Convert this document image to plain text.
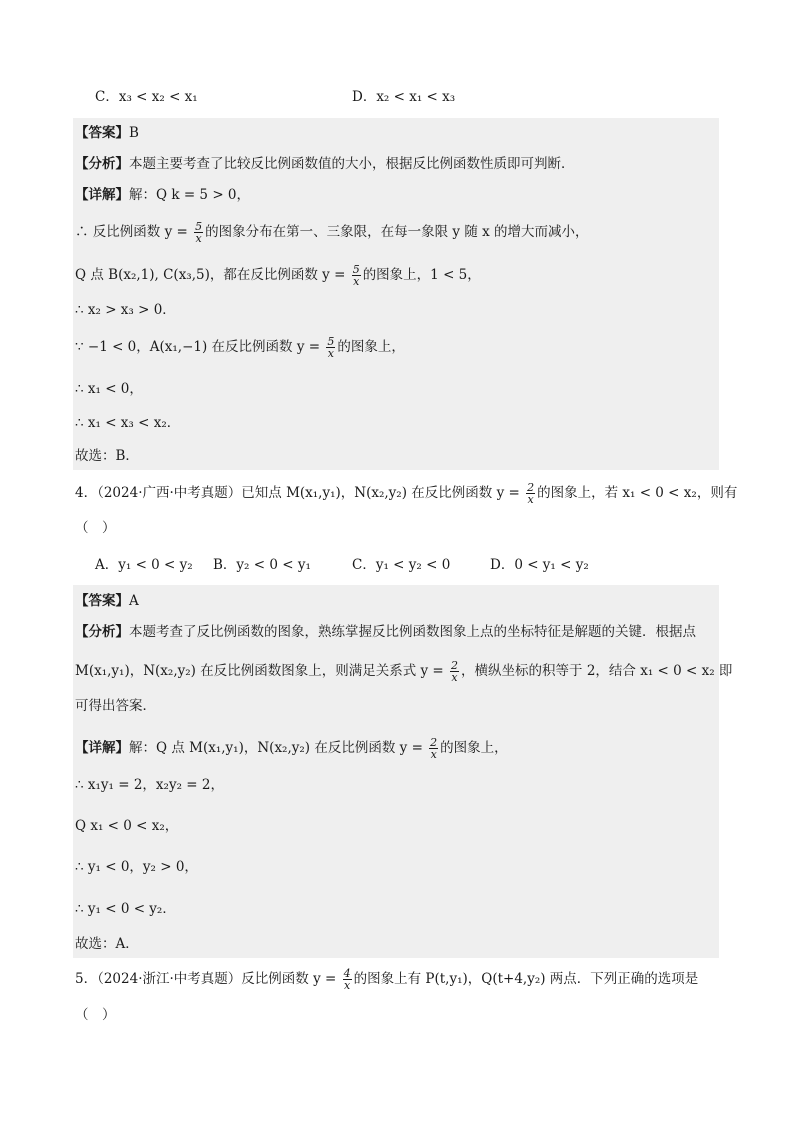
C．x₃ < x₂ < x₁	D．x₂ < x₁ < x₃
【答案】B
【分析】本题主要考查了比较反比例函数值的大小，根据反比例函数性质即可判断．
【详解】解：Q k = 5 > 0，
∴ 反比例函数 $y = \frac{5}{x}$ 的图象分布在第一、三象限，在每一象限 y 随 x 的增大而减小，
Q 点 B(x₂,1), C(x₃,5)，都在反比例函数 $y = \frac{5}{x}$ 的图象上，1 < 5，
∴ x₂ > x₃ > 0．
∵ −1 < 0，A(x₁,−1) 在反比例函数 $y = \frac{5}{x}$ 的图象上，
∴ x₁ < 0，
∴ x₁ < x₃ < x₂．
故选：B．
4．（2024·广西·中考真题）已知点 M(x₁,y₁)，N(x₂,y₂) 在反比例函数 $y = \frac{2}{x}$ 的图象上，若 x₁ < 0 < x₂，则有
（　）
A．y₁ < 0 < y₂ B．y₂ < 0 < y₁	C．y₁ < y₂ < 0	D．0 < y₁ < y₂
【答案】A
【分析】本题考查了反比例函数的图象，熟练掌握反比例函数图象上点的坐标特征是解题的关键．根据点
M(x₁,y₁)，N(x₂,y₂) 在反比例函数图象上，则满足关系式 $y = \frac{2}{x}$ ，横纵坐标的积等于 2，结合 x₁ < 0 < x₂ 即
可得出答案．
【详解】解：Q 点 M(x₁,y₁)，N(x₂,y₂) 在反比例函数 $y = \frac{2}{x}$ 的图象上，
∴ x₁y₁ = 2，x₂y₂ = 2，
Q x₁ < 0 < x₂，
∴ y₁ < 0，y₂ > 0，
∴ y₁ < 0 < y₂．
故选：A．
5．（2024·浙江·中考真题）反比例函数 $y = \frac{4}{x}$ 的图象上有 P(t,y₁)，Q(t+4,y₂) 两点．下列正确的选项是
（　）
